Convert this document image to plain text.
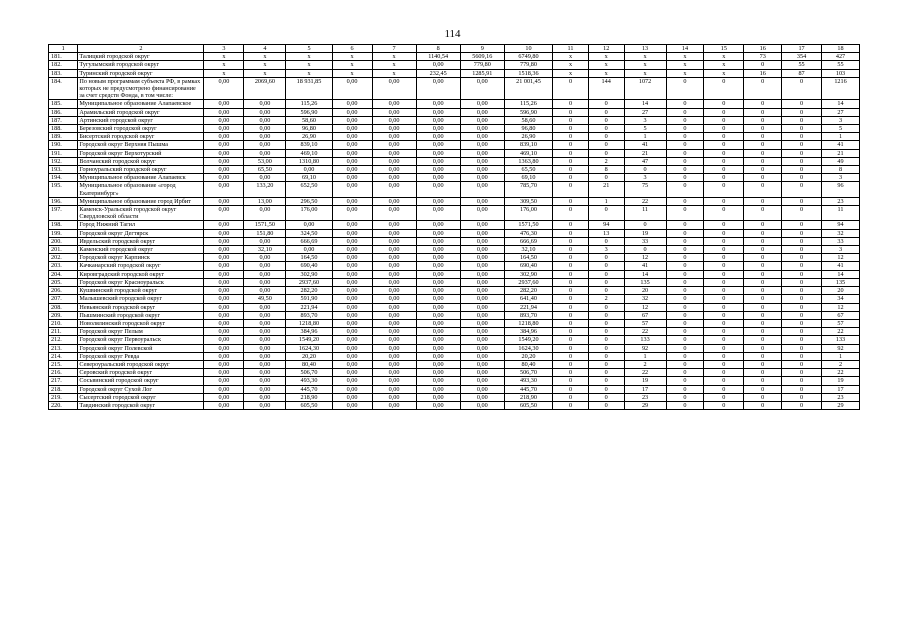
114
1	2	3	4	5	6	7	8	9	10	11	12	13	14	15	16	17	18
181.	Талицкий городской округ	x	x	x	x	x	1140,54	5609,16	6749,80	x	x	x	x	x	73	354	427
182.	Тугулымский городской округ	x	x	x	x	x	0,00	779,80	779,80	x	x	x	x	x	0	55	55
183.	Туринский городской округ	x	x	x	x	x	232,45	1285,91	1518,36	x	x	x	x	x	16	87	103
184.	По новым программам субъекта РФ, в рамках которых не предусмотрено финансирование за счет средств Фонда, в том числе:	0,00	2069,60	18 931,85	0,00	0,00	0,00	0,00	21 001,45	0	144	1072	0	0	0	0	1216
185.	Муниципальное образование Алапаевское	0,00	0,00	115,26	0,00	0,00	0,00	0,00	115,26	0	0	14	0	0	0	0	14
186.	Арамильский городской округ	0,00	0,00	596,90	0,00	0,00	0,00	0,00	596,90	0	0	27	0	0	0	0	27
187.	Артинский городской округ	0,00	0,00	58,60	0,00	0,00	0,00	0,00	58,60	0	0	3	0	0	0	0	3
188.	Березовский городской округ	0,00	0,00	96,80	0,00	0,00	0,00	0,00	96,80	0	0	5	0	0	0	0	5
189.	Бисертский городской округ	0,00	0,00	26,90	0,00	0,00	0,00	0,00	26,90	0	0	1	0	0	0	0	1
190.	Городской округ Верхняя Пышма	0,00	0,00	839,10	0,00	0,00	0,00	0,00	839,10	0	0	41	0	0	0	0	41
191.	Городской округ Верхотурский	0,00	0,00	469,10	0,00	0,00	0,00	0,00	469,10	0	0	21	0	0	0	0	21
192.	Волчанский городской округ	0,00	53,00	1310,80	0,00	0,00	0,00	0,00	1363,80	0	2	47	0	0	0	0	49
193.	Горноуральский городской округ	0,00	65,50	0,00	0,00	0,00	0,00	0,00	65,50	0	8	0	0	0	0	0	8
194.	Муниципальное образование Алапаевск	0,00	0,00	69,10	0,00	0,00	0,00	0,00	69,10	0	0	3	0	0	0	0	3
195.	Муниципальное образование «город Екатеринбург»	0,00	133,20	652,50	0,00	0,00	0,00	0,00	785,70	0	21	75	0	0	0	0	96
196.	Муниципальное образование город Ирбит	0,00	13,00	296,50	0,00	0,00	0,00	0,00	309,50	0	1	22	0	0	0	0	23
197.	Каменск-Уральский городской округ Свердловской области	0,00	0,00	176,00	0,00	0,00	0,00	0,00	176,00	0	0	11	0	0	0	0	11
198.	Город Нижний Тагил	0,00	1571,50	0,00	0,00	0,00	0,00	0,00	1571,50	0	94	0	0	0	0	0	94
199.	Городской округ Дегтярск	0,00	151,80	324,50	0,00	0,00	0,00	0,00	476,30	0	13	19	0	0	0	0	32
200.	Ивдельский городской округ	0,00	0,00	666,69	0,00	0,00	0,00	0,00	666,69	0	0	33	0	0	0	0	33
201.	Каменский городской округ	0,00	32,10	0,00	0,00	0,00	0,00	0,00	32,10	0	3	0	0	0	0	0	3
202.	Городской округ Карпинск	0,00	0,00	164,50	0,00	0,00	0,00	0,00	164,50	0	0	12	0	0	0	0	12
203.	Качканарский городской округ	0,00	0,00	690,40	0,00	0,00	0,00	0,00	690,40	0	0	41	0	0	0	0	41
204.	Кировградский городской округ	0,00	0,00	302,90	0,00	0,00	0,00	0,00	302,90	0	0	14	0	0	0	0	14
205.	Городской округ Красноуральск	0,00	0,00	2937,60	0,00	0,00	0,00	0,00	2937,60	0	0	135	0	0	0	0	135
206.	Кушвинский городской округ	0,00	0,00	282,20	0,00	0,00	0,00	0,00	282,20	0	0	20	0	0	0	0	20
207.	Малышевский городской округ	0,00	49,50	591,90	0,00	0,00	0,00	0,00	641,40	0	2	32	0	0	0	0	34
208.	Невьянский городской округ	0,00	0,00	221,94	0,00	0,00	0,00	0,00	221,94	0	0	12	0	0	0	0	12
209.	Пышминский городской округ	0,00	0,00	893,70	0,00	0,00	0,00	0,00	893,70	0	0	67	0	0	0	0	67
210.	Новолялинский городской округ	0,00	0,00	1218,80	0,00	0,00	0,00	0,00	1218,80	0	0	57	0	0	0	0	57
211.	Городской округ Пелым	0,00	0,00	384,96	0,00	0,00	0,00	0,00	384,96	0	0	22	0	0	0	0	22
212.	Городской округ Первоуральск	0,00	0,00	1549,20	0,00	0,00	0,00	0,00	1549,20	0	0	133	0	0	0	0	133
213.	Городской округ Полевской	0,00	0,00	1624,30	0,00	0,00	0,00	0,00	1624,30	0	0	92	0	0	0	0	92
214.	Городской округ Ревда	0,00	0,00	20,20	0,00	0,00	0,00	0,00	20,20	0	0	1	0	0	0	0	1
215.	Североуральский городской округ	0,00	0,00	80,40	0,00	0,00	0,00	0,00	80,40	0	0	2	0	0	0	0	2
216.	Серовский городской округ	0,00	0,00	506,70	0,00	0,00	0,00	0,00	506,70	0	0	22	0	0	0	0	22
217.	Сосьвинский городской округ	0,00	0,00	493,30	0,00	0,00	0,00	0,00	493,30	0	0	19	0	0	0	0	19
218.	Городской округ Сухой Лог	0,00	0,00	445,70	0,00	0,00	0,00	0,00	445,70	0	0	17	0	0	0	0	17
219.	Сысертский городской округ	0,00	0,00	218,90	0,00	0,00	0,00	0,00	218,90	0	0	23	0	0	0	0	23
220.	Тавдинский городской округ	0,00	0,00	605,50	0,00	0,00	0,00	0,00	605,50	0	0	29	0	0	0	0	29
